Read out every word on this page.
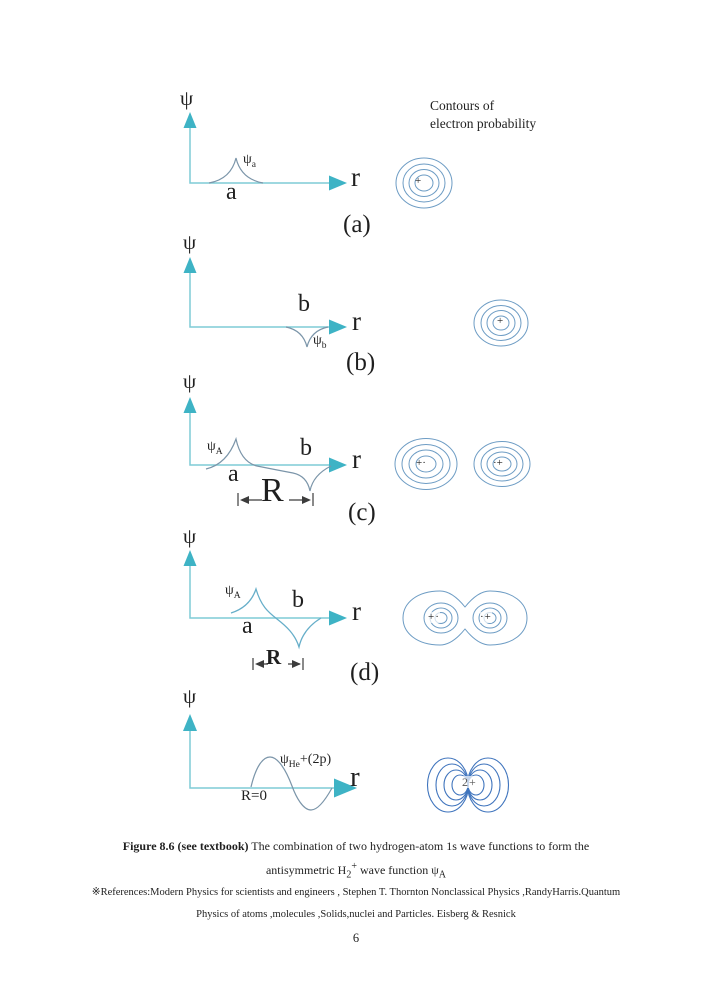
Contours of
electron probability
ψ
r
$\psi_a$
a
(a)
+
ψ
r
b
$\psi_b$
(b)
+
ψ
$\psi_A$
a
b r
R
(c)
+·	·+
ψ
$\psi_A$
a
b r
R
(d)
+·	·+
ψ
$\psi_{He}+(2p)$
R=0
r	2+
Figure 8.6 (see textbook) The combination of two hydrogen-atom 1s wave functions to form the
antisymmetric $H_2^+$ wave function $\psi_A$
※References:Modern Physics for scientists and engineers , Stephen T. Thornton Nonclassical Physics ,RandyHarris.Quantum
Physics of atoms ,molecules ,Solids,nuclei and Particles. Eisberg & Resnick
6
